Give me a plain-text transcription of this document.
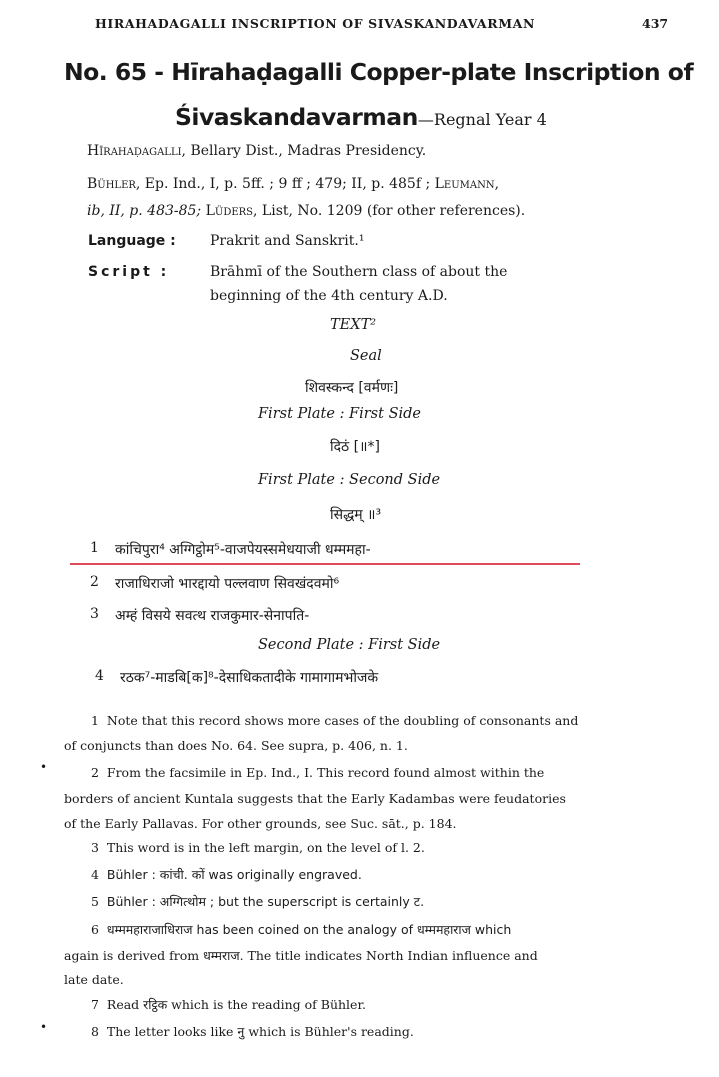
HIRAHADAGALLI INSCRIPTION OF SIVASKANDAVARMAN	437
No. 65 - Hīrahaḍagalli Copper-plate Inscription of
Śivaskandavarman—Regnal Year 4
Hīrahaḍagalli, Bellary Dist., Madras Presidency.
Bühler, Ep. Ind., I, p. 5ff. ; 9 ff ; 479; II, p. 485f ; Leumann,
ib, II, p. 483-85; Lüders, List, No. 1209 (for other references).
Language : Prakrit and Sanskrit.¹
Script :	Brāhmī of the Southern class of about the
beginning of the 4th century A.D.
TEXT²
Seal
शिवस्कन्द [वर्मणः]
First Plate : First Side
दिठं [॥*]
First Plate : Second Side
सिद्धम् ॥³
1 कांचिपुरा⁴ अग्गिट्ठोम⁵-वाजपेयस्समेधयाजी धम्ममहा-
2 राजाधिराजो भारद्दायो पल्लवाण सिवखंदवमो⁶
3 अम्हं विसये सवत्थ राजकुमार-सेनापति-
Second Plate : First Side
4 रठक⁷-माडबि[क]⁸-देसाधिकतादीके गामागामभोजके
1 Note that this record shows more cases of the doubling of consonants and
of conjuncts than does No. 64. See supra, p. 406, n. 1.
•	2 From the facsimile in Ep. Ind., I. This record found almost within the
borders of ancient Kuntala suggests that the Early Kadambas were feudatories
of the Early Pallavas. For other grounds, see Suc. sāt., p. 184.
3 This word is in the left margin, on the level of l. 2.
4 Bühler : कांची. कों was originally engraved.
5 Bühler : अग्गित्थोम ; but the superscript is certainly ट.
6 धम्ममहाराजाधिराज has been coined on the analogy of धम्ममहाराज which
again is derived from धम्मराज. The title indicates North Indian influence and
late date.
7 Read रट्ठिक which is the reading of Bühler.
•	8 The letter looks like नु which is Bühler's reading.
